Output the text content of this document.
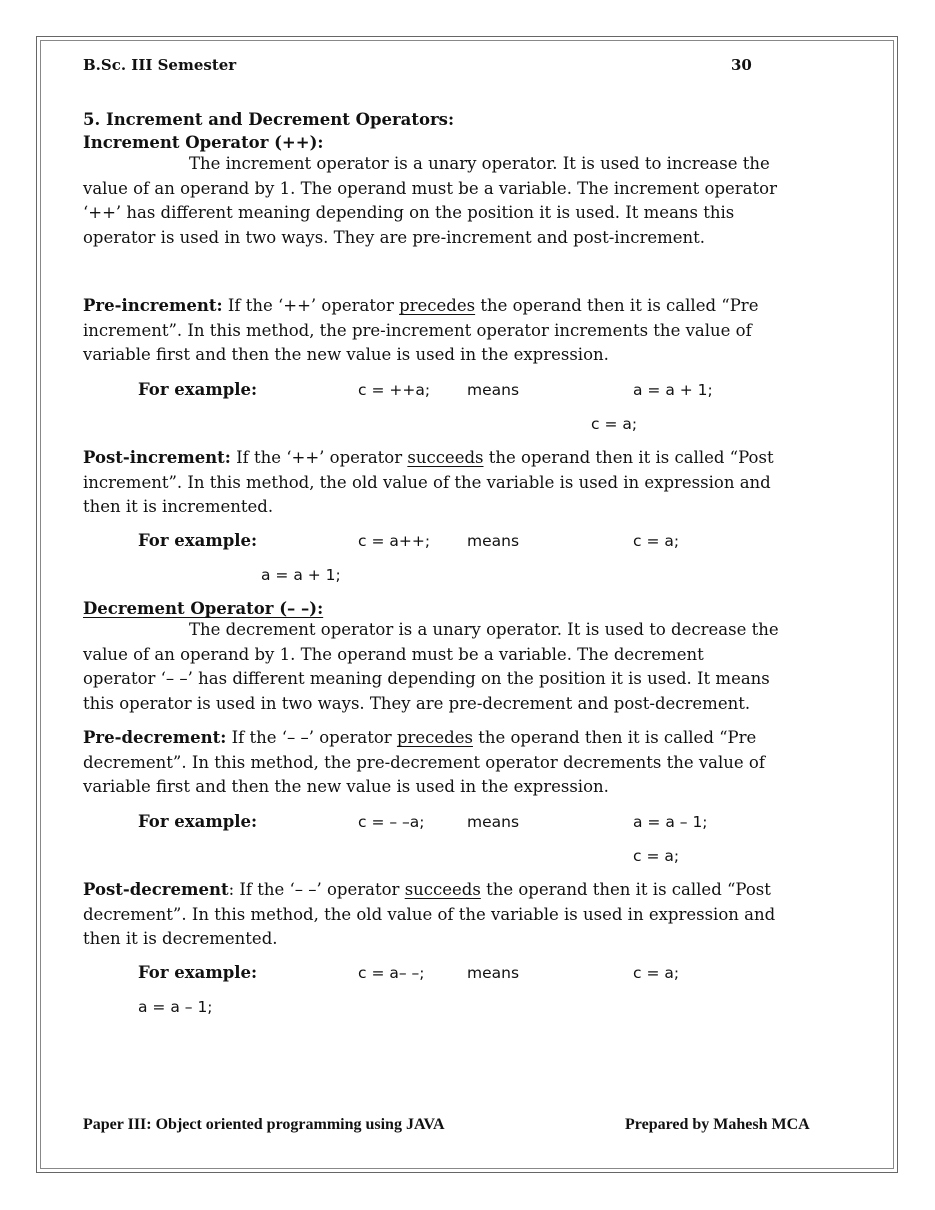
B.Sc. III Semester	30
5. Increment and Decrement Operators:
Increment Operator (++):

The increment operator is a unary operator. It is used to increase the

value of an operand by 1. The operand must be a variable. The increment operator

‘++’ has different meaning depending on the position it is used. It means this

operator is used in two ways. They are pre-increment and post-increment.

Pre-increment: If the ‘++’ operator precedes the operand then it is called “Pre

increment”. In this method, the pre-increment operator increments the value of

variable first and then the new value is used in the expression.

For example:	c = ++a; means	a = a + 1;
c = a;

Post-increment: If the ‘++’ operator succeeds the operand then it is called “Post

increment”. In this method, the old value of the variable is used in expression and

then it is incremented.

For example:	c = a++; means	c = a;
a = a + 1;
Decrement Operator (– –):

The decrement operator is a unary operator. It is used to decrease the

value of an operand by 1. The operand must be a variable. The decrement

operator ‘– –’ has different meaning depending on the position it is used. It means

this operator is used in two ways. They are pre-decrement and post-decrement.

Pre-decrement: If the ‘– –’ operator precedes the operand then it is called “Pre

decrement”. In this method, the pre-decrement operator decrements the value of

variable first and then the new value is used in the expression.

For example:	c = – –a;	means	a = a – 1;
c = a;

Post-decrement: If the ‘– –’ operator succeeds the operand then it is called “Post

decrement”. In this method, the old value of the variable is used in expression and

then it is decremented.

For example:	c = a– –;	means	c = a;
a = a – 1;
Paper III: Object oriented programming using JAVA	Prepared by Mahesh MCA
